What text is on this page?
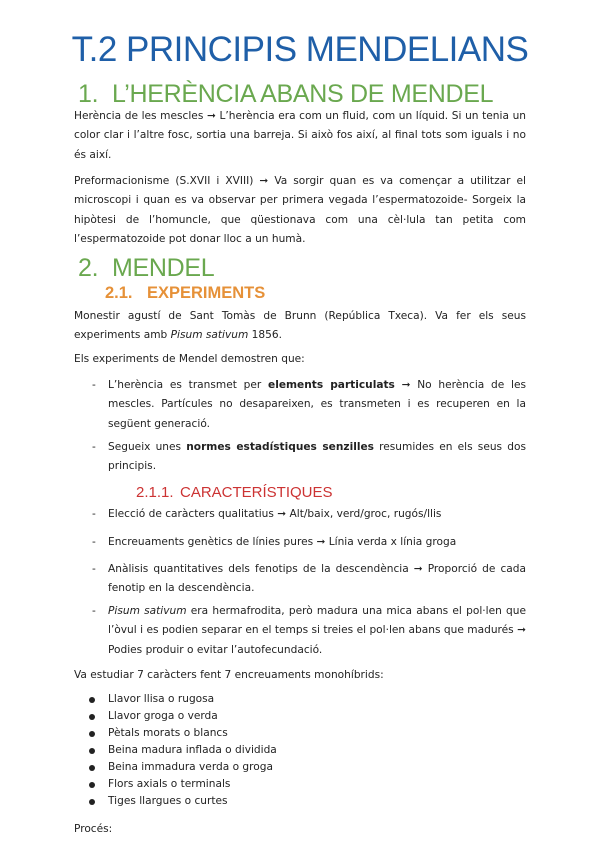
T.2 PRINCIPIS MENDELIANS
1. L’HERÈNCIA ABANS DE MENDEL
Herència de les mescles ➞ L’herència era com un fluid, com un líquid. Si un tenia un color clar i l’altre fosc, sortia una barreja. Si això fos així, al final tots som iguals i no és així.
Preformacionisme (S.XVII i XVIII) ➞ Va sorgir quan es va començar a utilitzar el microscopi i quan es va observar per primera vegada l’espermatozoide- Sorgeix la hipòtesi de l’homuncle, que qüestionava com una cèl·lula tan petita com l’espermatozoide pot donar lloc a un humà.
2. MENDEL
2.1. EXPERIMENTS
Monestir agustí de Sant Tomàs de Brunn (República Txeca). Va fer els seus experiments amb Pisum sativum 1856.
Els experiments de Mendel demostren que:
- L’herència es transmet per elements particulats ➞ No herència de les mescles. Partícules no desapareixen, es transmeten i es recuperen en la següent generació.
- Segueix unes normes estadístiques senzilles resumides en els seus dos principis.
2.1.1. CARACTERÍSTIQUES
- Elecció de caràcters qualitatius ➞ Alt/baix, verd/groc, rugós/llis
- Encreuaments genètics de línies pures ➞ Línia verda x línia groga
- Anàlisis quantitatives dels fenotips de la descendència ➞ Proporció de cada fenotip en la descendència.
- Pisum sativum era hermafrodita, però madura una mica abans el pol·len que l’òvul i es podien separar en el temps si treies el pol·len abans que madurés ➞ Podies produir o evitar l’autofecundació.
Va estudiar 7 caràcters fent 7 encreuaments monohíbrids:
Llavor llisa o rugosa
Llavor groga o verda
Pètals morats o blancs
Beina madura inflada o dividida
Beina immadura verda o groga
Flors axials o terminals
Tiges llargues o curtes
Procés:
